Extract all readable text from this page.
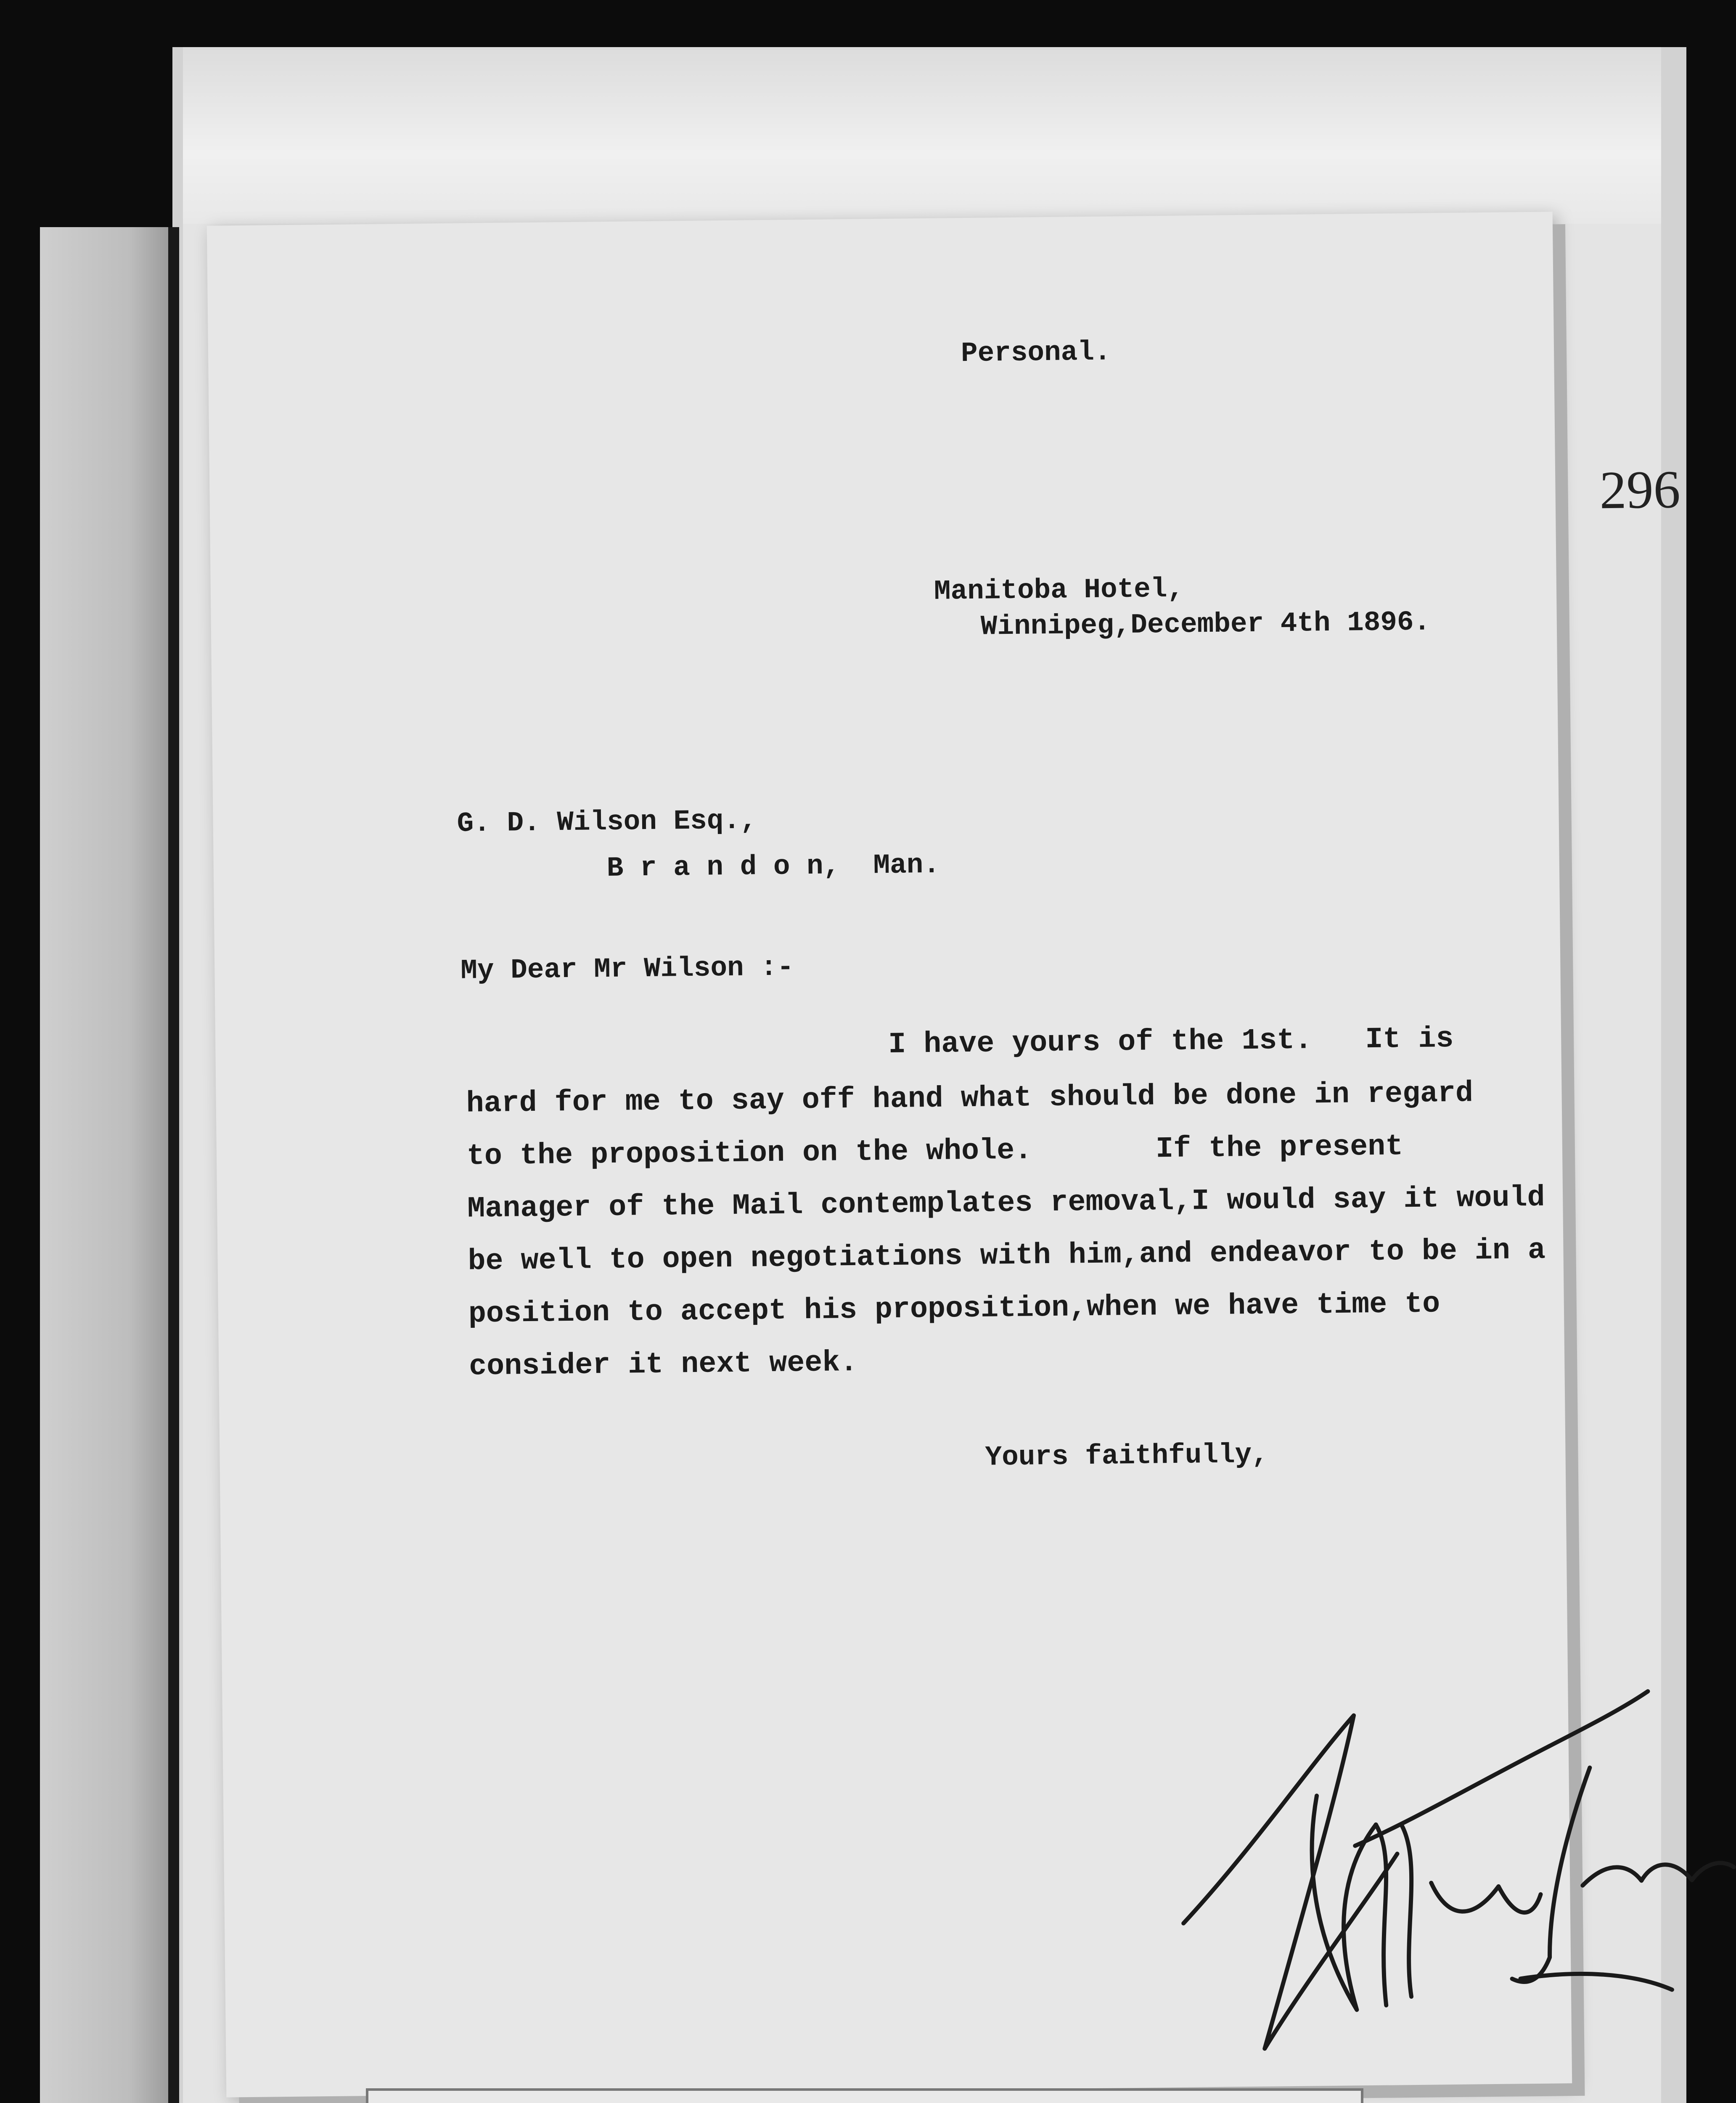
296
Personal.
Manitoba Hotel,
Winnipeg,December 4th 1896.
G. D. Wilson Esq.,
B r a n d o n,  Man.
My Dear Mr Wilson :-
I have yours of the 1st.   It is
hard for me to say off hand what should be done in regard
to the proposition on the whole.       If the present
Manager of the Mail contemplates removal,I would say it would
be well to open negotiations with him,and endeavor to be in a
position to accept his proposition,when we have time to
consider it next week.
Yours faithfully,
